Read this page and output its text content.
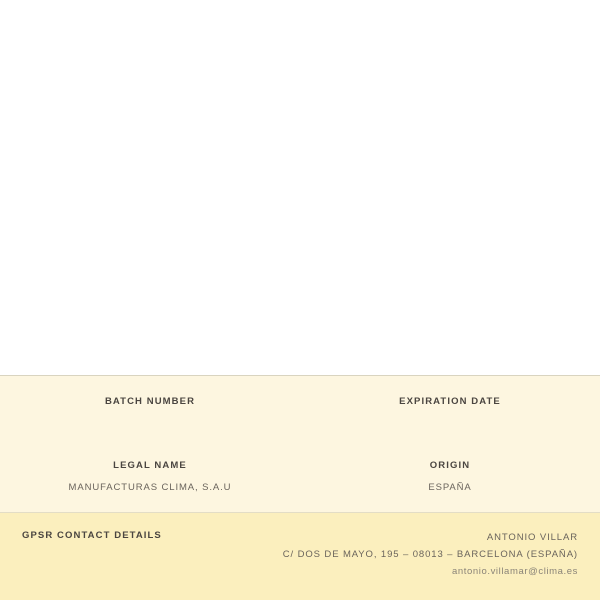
BATCH NUMBER	EXPIRATION DATE
LEGAL NAME
MANUFACTURAS CLIMA, S.A.U
ORIGIN
ESPAÑA
GPSR CONTACT DETAILS	ANTONIO VILLAR
C/ DOS DE MAYO, 195 – 08013 – BARCELONA (ESPAÑA)
antonio.villamar@clima.es
